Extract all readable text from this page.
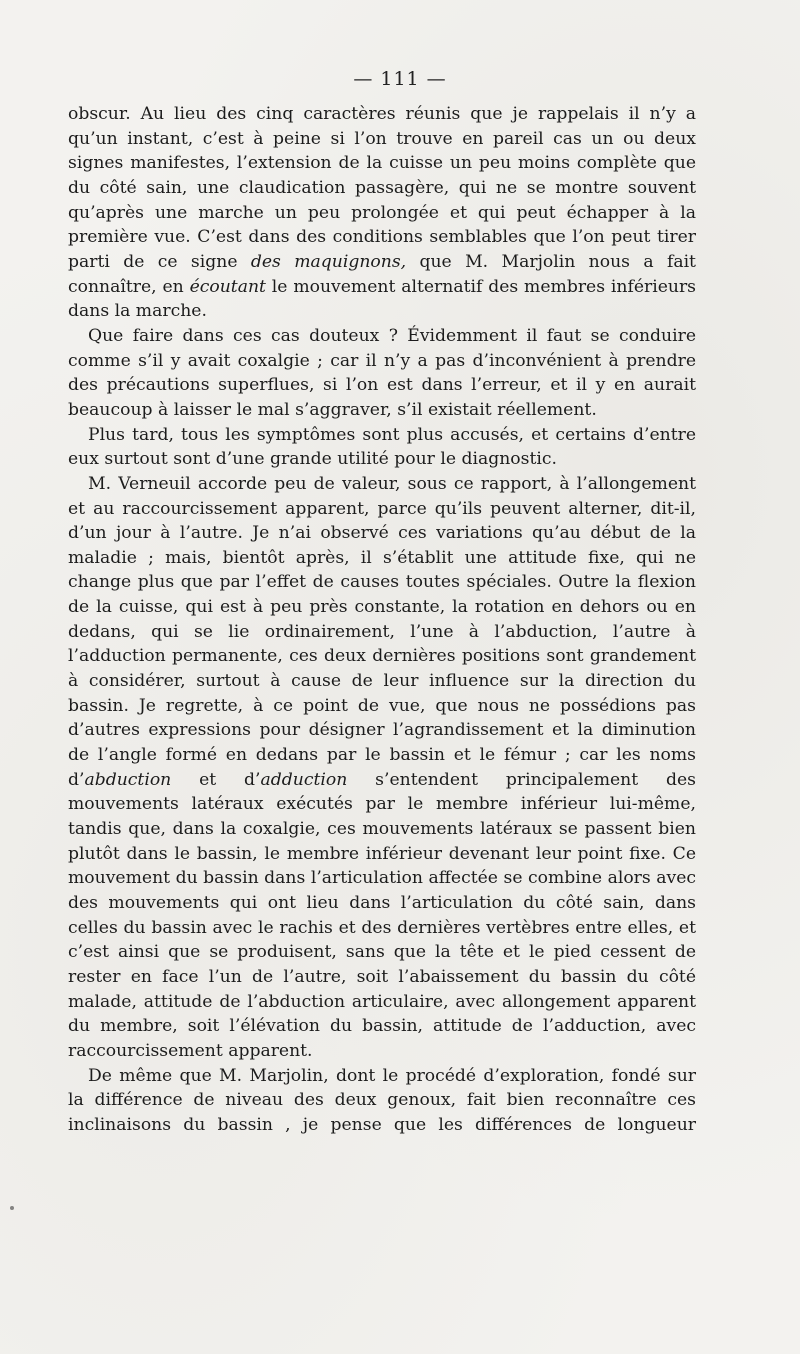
— 111 —

obscur. Au lieu des cinq caractères réunis que je rappelais il n’y a qu’un instant, c’est à peine si l’on trouve en pareil cas un ou deux signes manifestes, l’extension de la cuisse un peu moins complète que du côté sain, une claudication passagère, qui ne se montre souvent qu’après une marche un peu prolongée et qui peut échapper à la première vue. C’est dans des conditions semblables que l’on peut tirer parti de ce signe des maquignons, que M. Marjolin nous a fait connaître, en écoutant le mouvement alternatif des membres inférieurs dans la marche.

Que faire dans ces cas douteux ? Évidemment il faut se conduire comme s’il y avait coxalgie ; car il n’y a pas d’inconvénient à prendre des précautions superflues, si l’on est dans l’erreur, et il y en aurait beaucoup à laisser le mal s’aggraver, s’il existait réellement.

Plus tard, tous les symptômes sont plus accusés, et certains d’entre eux surtout sont d’une grande utilité pour le diagnostic.

M. Verneuil accorde peu de valeur, sous ce rapport, à l’allongement et au raccourcissement apparent, parce qu’ils peuvent alterner, dit-il, d’un jour à l’autre. Je n’ai observé ces variations qu’au début de la maladie ; mais, bientôt après, il s’établit une attitude fixe, qui ne change plus que par l’effet de causes toutes spéciales. Outre la flexion de la cuisse, qui est à peu près constante, la rotation en dehors ou en dedans, qui se lie ordinairement, l’une à l’abduction, l’autre à l’adduction permanente, ces deux dernières positions sont grandement à considérer, surtout à cause de leur influence sur la direction du bassin. Je regrette, à ce point de vue, que nous ne possédions pas d’autres expressions pour désigner l’agrandissement et la diminution de l’angle formé en dedans par le bassin et le fémur ; car les noms d’abduction et d’adduction s’entendent principalement des mouvements latéraux exécutés par le membre inférieur lui-même, tandis que, dans la coxalgie, ces mouvements latéraux se passent bien plutôt dans le bassin, le membre inférieur devenant leur point fixe. Ce mouvement du bassin dans l’articulation affectée se combine alors avec des mouvements qui ont lieu dans l’articulation du côté sain, dans celles du bassin avec le rachis et des dernières vertèbres entre elles, et c’est ainsi que se produisent, sans que la tête et le pied cessent de rester en face l’un de l’autre, soit l’abaissement du bassin du côté malade, attitude de l’abduction articulaire, avec allongement apparent du membre, soit l’élévation du bassin, attitude de l’adduction, avec raccourcissement apparent.

De même que M. Marjolin, dont le procédé d’exploration, fondé sur la différence de niveau des deux genoux, fait bien reconnaître ces inclinaisons du bassin , je pense que les différences de longueur
